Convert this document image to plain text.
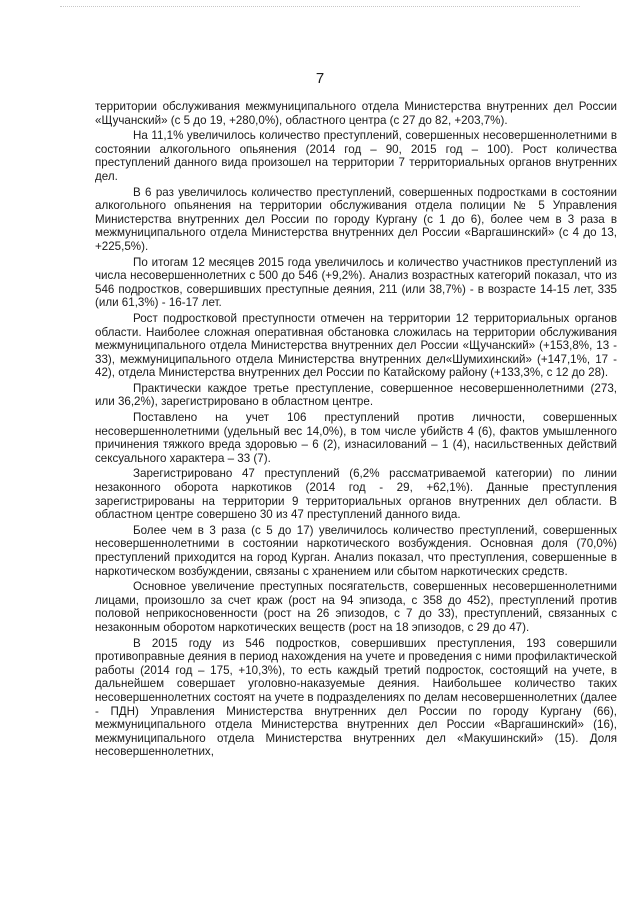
7

территории обслуживания межмуниципального отдела Министерства внутренних дел России «Щучанский» (с 5 до 19, +280,0%), областного центра (с 27 до 82, +203,7%).

На 11,1% увеличилось количество преступлений, совершенных несовершеннолетними в состоянии алкогольного опьянения (2014 год – 90, 2015 год – 100). Рост количества преступлений данного вида произошел на территории 7 территориальных органов внутренних дел.

В 6 раз увеличилось количество преступлений, совершенных подростками в состоянии алкогольного опьянения на территории обслуживания отдела полиции № 5 Управления Министерства внутренних дел России по городу Кургану (с 1 до 6), более чем в 3 раза в межмуниципального отдела Министерства внутренних дел России «Варгашинский» (с 4 до 13, +225,5%).

По итогам 12 месяцев 2015 года увеличилось и количество участников преступлений из числа несовершеннолетних с 500 до 546 (+9,2%). Анализ возрастных категорий показал, что из 546 подростков, совершивших преступные деяния, 211 (или 38,7%) - в возрасте 14-15 лет, 335 (или 61,3%) - 16-17 лет.

Рост подростковой преступности отмечен на территории 12 территориальных органов области. Наиболее сложная оперативная обстановка сложилась на территории обслуживания межмуниципального отдела Министерства внутренних дел России «Щучанский» (+153,8%, 13 - 33), межмуниципального отдела Министерства внутренних дел«Шумихинский» (+147,1%, 17 - 42), отдела Министерства внутренних дел России по Катайскому району (+133,3%, с 12 до 28).

Практически каждое третье преступление, совершенное несовершеннолетними (273, или 36,2%), зарегистрировано в областном центре.

Поставлено на учет 106 преступлений против личности, совершенных несовершеннолетними (удельный вес 14,0%), в том числе убийств 4 (6), фактов умышленного причинения тяжкого вреда здоровью – 6 (2), изнасилований – 1 (4), насильственных действий сексуального характера – 33 (7).

Зарегистрировано 47 преступлений (6,2% рассматриваемой категории) по линии незаконного оборота наркотиков (2014 год - 29, +62,1%). Данные преступления зарегистрированы на территории 9 территориальных органов внутренних дел области. В областном центре совершено 30 из 47 преступлений данного вида.

Более чем в 3 раза (с 5 до 17) увеличилось количество преступлений, совершенных несовершеннолетними в состоянии наркотического возбуждения. Основная доля (70,0%) преступлений приходится на город Курган. Анализ показал, что преступления, совершенные в наркотическом возбуждении, связаны с хранением или сбытом наркотических средств.

Основное увеличение преступных посягательств, совершенных несовершеннолетними лицами, произошло за счет краж (рост на 94 эпизода, с 358 до 452), преступлений против половой неприкосновенности (рост на 26 эпизодов, с 7 до 33), преступлений, связанных с незаконным оборотом наркотических веществ (рост на 18 эпизодов, с 29 до 47).

В 2015 году из 546 подростков, совершивших преступления, 193 совершили противоправные деяния в период нахождения на учете и проведения с ними профилактической работы (2014 год – 175, +10,3%), то есть каждый третий подросток, состоящий на учете, в дальнейшем совершает уголовно-наказуемые деяния. Наибольшее количество таких несовершеннолетних состоят на учете в подразделениях по делам несовершеннолетних (далее - ПДН) Управления Министерства внутренних дел России по городу Кургану (66), межмуниципального отдела Министерства внутренних дел России «Варгашинский» (16), межмуниципального отдела Министерства внутренних дел «Макушинский» (15). Доля несовершеннолетних,
